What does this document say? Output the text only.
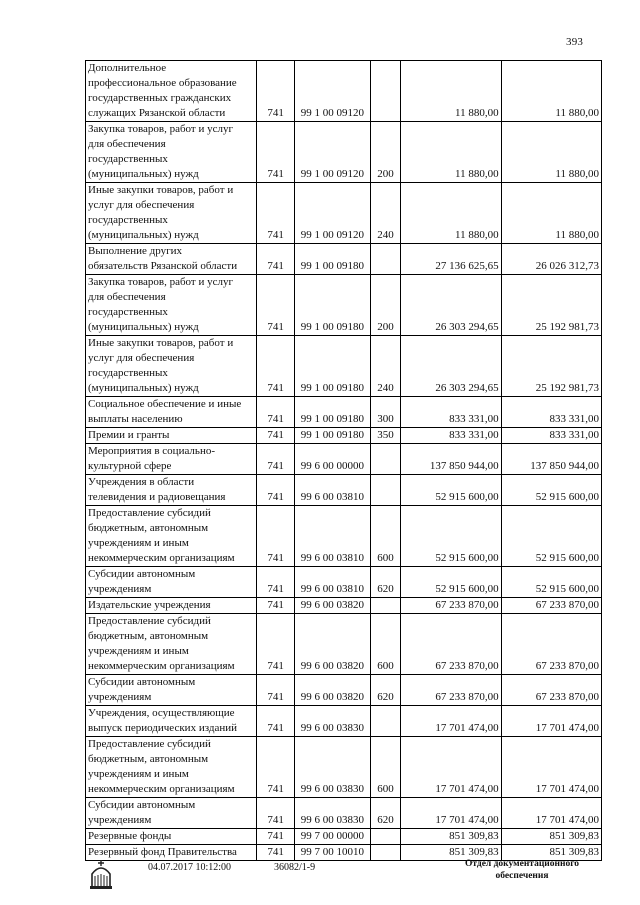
393
Дополнительное
профессиональное образование
государственных гражданских
служащих Рязанской области	741	99 1 00 09120		11 880,00	11 880,00
Закупка товаров, работ и услуг
для обеспечения
государственных
(муниципальных) нужд	741	99 1 00 09120	200	11 880,00	11 880,00
Иные закупки товаров, работ и
услуг для обеспечения
государственных
(муниципальных) нужд	741	99 1 00 09120	240	11 880,00	11 880,00
Выполнение других
обязательств Рязанской области	741	99 1 00 09180		27 136 625,65	26 026 312,73
Закупка товаров, работ и услуг
для обеспечения
государственных
(муниципальных) нужд	741	99 1 00 09180	200	26 303 294,65	25 192 981,73
Иные закупки товаров, работ и
услуг для обеспечения
государственных
(муниципальных) нужд	741	99 1 00 09180	240	26 303 294,65	25 192 981,73
Социальное обеспечение и иные
выплаты населению	741	99 1 00 09180	300	833 331,00	833 331,00
Премии и гранты	741	99 1 00 09180	350	833 331,00	833 331,00
Мероприятия в социально-
культурной сфере	741	99 6 00 00000		137 850 944,00	137 850 944,00
Учреждения в области
телевидения и радиовещания	741	99 6 00 03810		52 915 600,00	52 915 600,00
Предоставление субсидий
бюджетным, автономным
учреждениям и иным
некоммерческим организациям	741	99 6 00 03810	600	52 915 600,00	52 915 600,00
Субсидии автономным
учреждениям	741	99 6 00 03810	620	52 915 600,00	52 915 600,00
Издательские учреждения	741	99 6 00 03820		67 233 870,00	67 233 870,00
Предоставление субсидий
бюджетным, автономным
учреждениям и иным
некоммерческим организациям	741	99 6 00 03820	600	67 233 870,00	67 233 870,00
Субсидии автономным
учреждениям	741	99 6 00 03820	620	67 233 870,00	67 233 870,00
Учреждения, осуществляющие
выпуск периодических изданий	741	99 6 00 03830		17 701 474,00	17 701 474,00
Предоставление субсидий
бюджетным, автономным
учреждениям и иным
некоммерческим организациям	741	99 6 00 03830	600	17 701 474,00	17 701 474,00
Субсидии автономным
учреждениям	741	99 6 00 03830	620	17 701 474,00	17 701 474,00
Резервные фонды	741	99 7 00 00000		851 309,83	851 309,83
Резервный фонд Правительства	741	99 7 00 10010		851 309,83	851 309,83
04.07.2017 10:12:00	36082/1-9	Отдел документационного
обеспечения
